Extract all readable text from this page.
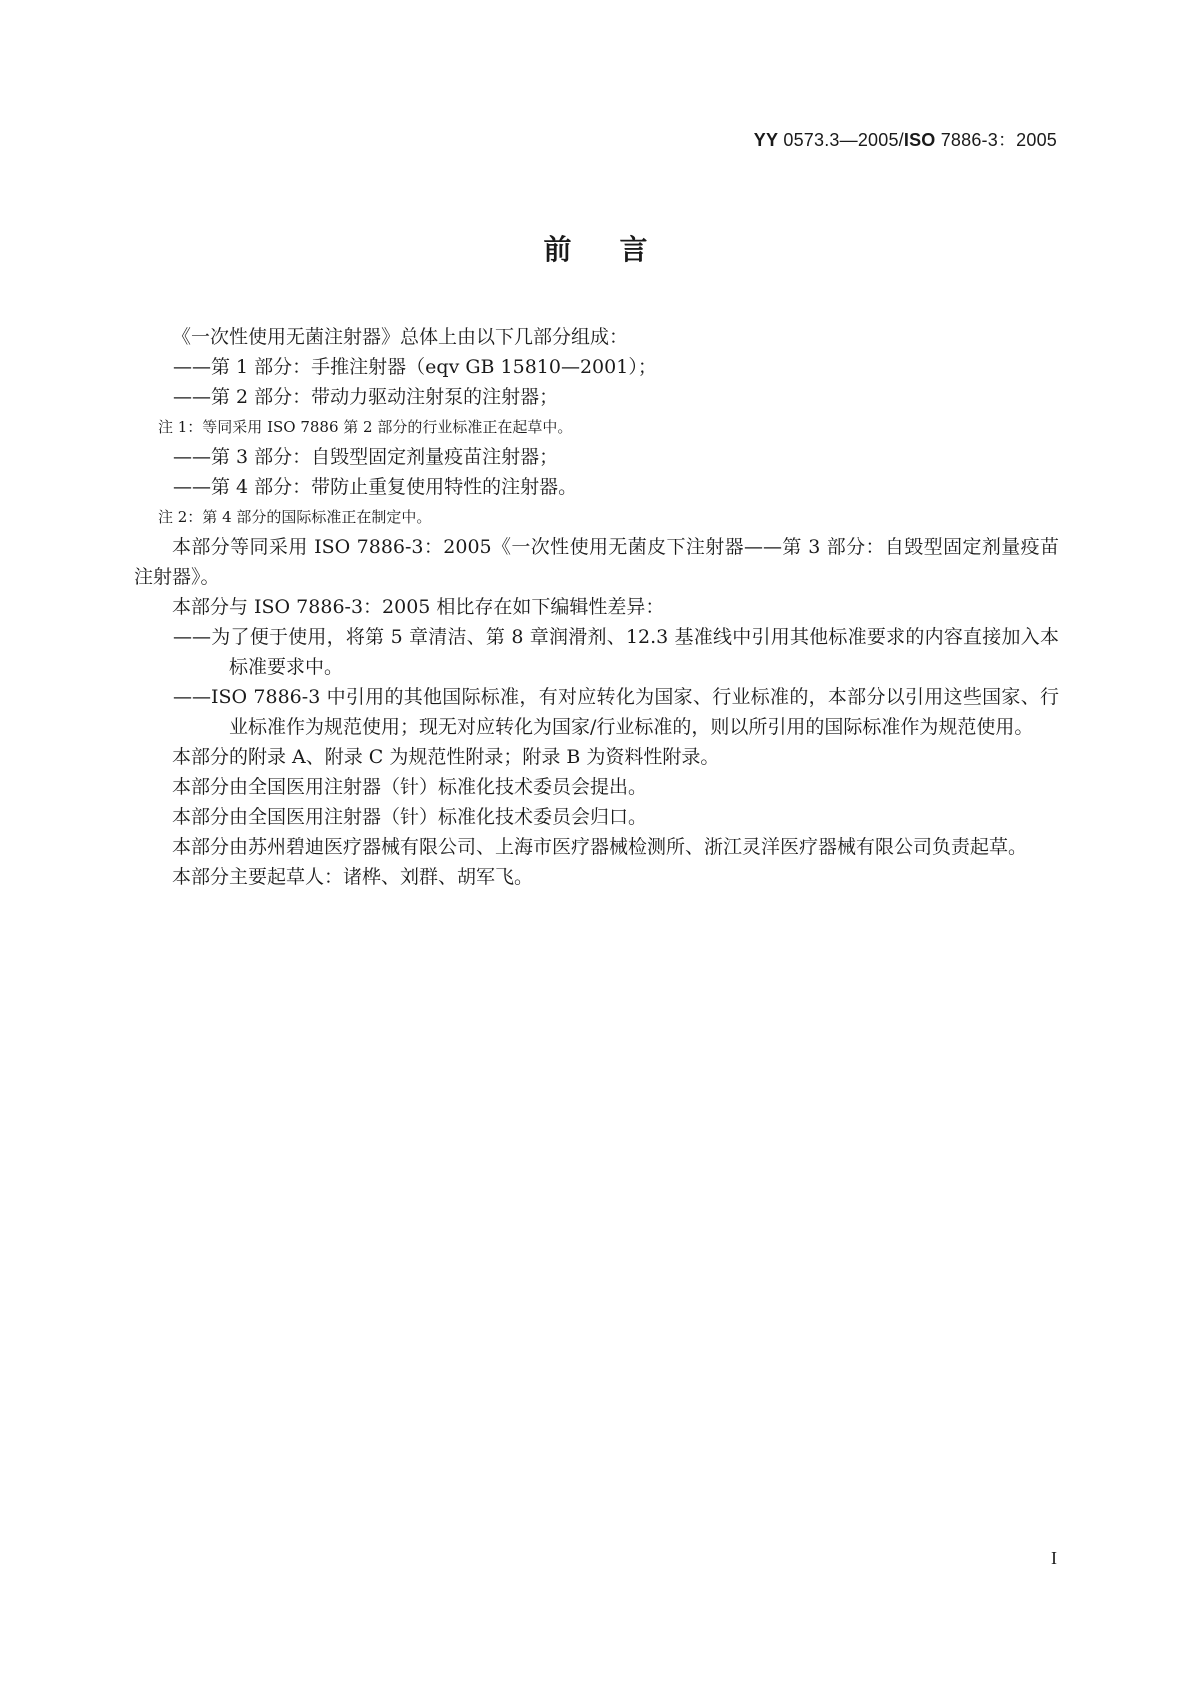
YY 0573.3—2005/ISO 7886-3：2005
前言

《一次性使用无菌注射器》总体上由以下几部分组成：

——第 1 部分：手推注射器（eqv GB 15810—2001）；

——第 2 部分：带动力驱动注射泵的注射器；

注 1：等同采用 ISO 7886 第 2 部分的行业标准正在起草中。

——第 3 部分：自毁型固定剂量疫苗注射器；

——第 4 部分：带防止重复使用特性的注射器。

注 2：第 4 部分的国际标准正在制定中。

本部分等同采用 ISO 7886-3：2005《一次性使用无菌皮下注射器——第 3 部分：自毁型固定剂量疫苗注射器》。

本部分与 ISO 7886-3：2005 相比存在如下编辑性差异：

——为了便于使用，将第 5 章清洁、第 8 章润滑剂、12.3 基准线中引用其他标准要求的内容直接加入本标准要求中。

——ISO 7886-3 中引用的其他国际标准，有对应转化为国家、行业标准的，本部分以引用这些国家、行业标准作为规范使用；现无对应转化为国家/行业标准的，则以所引用的国际标准作为规范使用。

本部分的附录 A、附录 C 为规范性附录；附录 B 为资料性附录。

本部分由全国医用注射器（针）标准化技术委员会提出。

本部分由全国医用注射器（针）标准化技术委员会归口。

本部分由苏州碧迪医疗器械有限公司、上海市医疗器械检测所、浙江灵洋医疗器械有限公司负责起草。

本部分主要起草人：诸桦、刘群、胡军飞。

I
